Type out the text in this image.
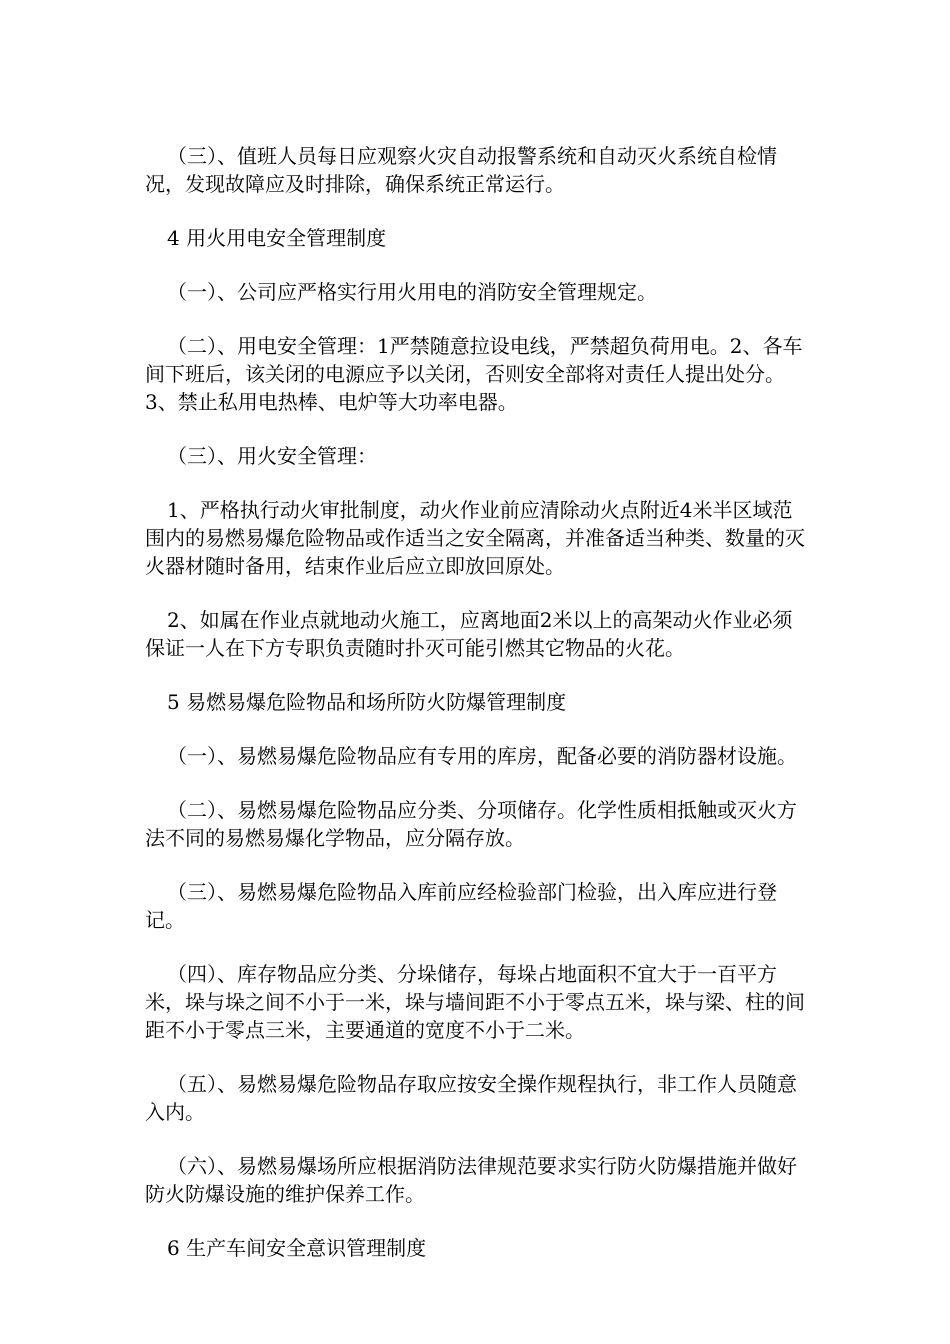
（三）、值班人员每日应观察火灾自动报警系统和自动灭火系统自检情况，发现故障应及时排除，确保系统正常运行。

4 用火用电安全管理制度

（一）、公司应严格实行用火用电的消防安全管理规定。

（二）、用电安全管理：1严禁随意拉设电线，严禁超负荷用电。2、各车间下班后，该关闭的电源应予以关闭，否则安全部将对责任人提出处分。3、禁止私用电热棒、电炉等大功率电器。

（三）、用火安全管理：

1、严格执行动火审批制度，动火作业前应清除动火点附近4米半区域范围内的易燃易爆危险物品或作适当之安全隔离，并准备适当种类、数量的灭火器材随时备用，结束作业后应立即放回原处。

2、如属在作业点就地动火施工，应离地面2米以上的高架动火作业必须保证一人在下方专职负责随时扑灭可能引燃其它物品的火花。

5 易燃易爆危险物品和场所防火防爆管理制度

（一）、易燃易爆危险物品应有专用的库房，配备必要的消防器材设施。

（二）、易燃易爆危险物品应分类、分项储存。化学性质相抵触或灭火方法不同的易燃易爆化学物品，应分隔存放。

（三）、易燃易爆危险物品入库前应经检验部门检验，出入库应进行登记。

（四）、库存物品应分类、分垛储存，每垛占地面积不宜大于一百平方米，垛与垛之间不小于一米，垛与墙间距不小于零点五米，垛与梁、柱的间距不小于零点三米，主要通道的宽度不小于二米。

（五）、易燃易爆危险物品存取应按安全操作规程执行，非工作人员随意入内。

（六）、易燃易爆场所应根据消防法律规范要求实行防火防爆措施并做好防火防爆设施的维护保养工作。

6 生产车间安全意识管理制度
